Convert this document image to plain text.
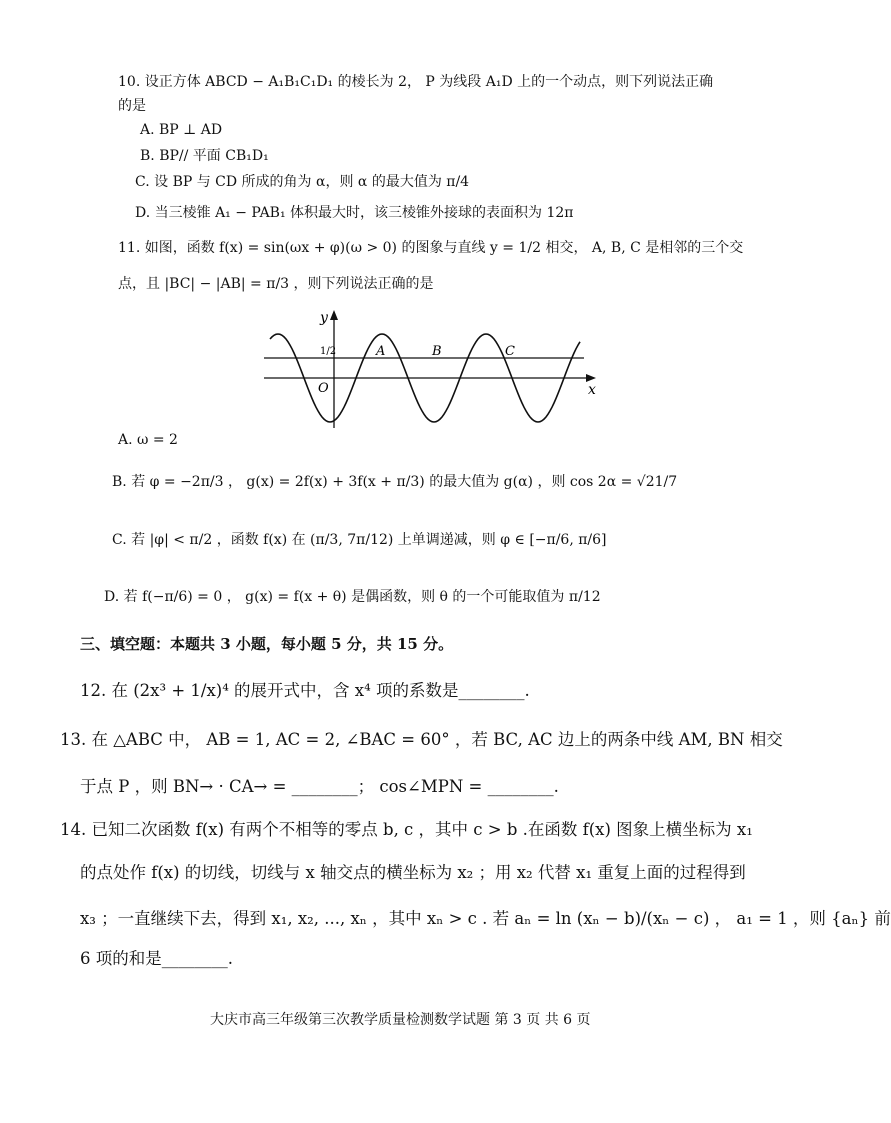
10. 设正方体 ABCD − A₁B₁C₁D₁ 的棱长为 2， P 为线段 A₁D 上的一个动点，则下列说法正确
的是
A. BP ⊥ AD
B. BP// 平面 CB₁D₁
C. 设 BP 与 CD 所成的角为 α，则 α 的最大值为 π/4
D. 当三棱锥 A₁ − PAB₁ 体积最大时，该三棱锥外接球的表面积为 12π
11. 如图，函数 f(x) = sin(ωx + φ)(ω > 0) 的图象与直线 y = 1/2 相交， A, B, C 是相邻的三个交
点，且 |BC| − |AB| = π/3 ，则下列说法正确的是
y
x
O
1/2	A	B	C
A. ω = 2
B. 若 φ = −2π/3 ， g(x) = 2f(x) + 3f(x + π/3) 的最大值为 g(α) ，则 cos 2α = √21/7
C. 若 |φ| < π/2 ，函数 f(x) 在 (π/3, 7π/12) 上单调递减，则 φ ∈ [−π/6, π/6]
D. 若 f(−π/6) = 0 ， g(x) = f(x + θ) 是偶函数，则 θ 的一个可能取值为 π/12
三、填空题：本题共 3 小题，每小题 5 分，共 15 分。
12. 在 (2x³ + 1/x)⁴ 的展开式中，含 x⁴ 项的系数是________.
13. 在 △ABC 中， AB = 1, AC = 2, ∠BAC = 60° ，若 BC, AC 边上的两条中线 AM, BN 相交
于点 P ，则 BN→ · CA→ = ________； cos∠MPN = ________.
14. 已知二次函数 f(x) 有两个不相等的零点 b, c ，其中 c > b .在函数 f(x) 图象上横坐标为 x₁
的点处作 f(x) 的切线，切线与 x 轴交点的横坐标为 x₂ ；用 x₂ 代替 x₁ 重复上面的过程得到
x₃ ；一直继续下去，得到 x₁, x₂, ..., xₙ ，其中 xₙ > c . 若 aₙ = ln (xₙ − b)/(xₙ − c) ， a₁ = 1 ，则 {aₙ} 前
6 项的和是________.
大庆市高三年级第三次教学质量检测数学试题 第 3 页 共 6 页
